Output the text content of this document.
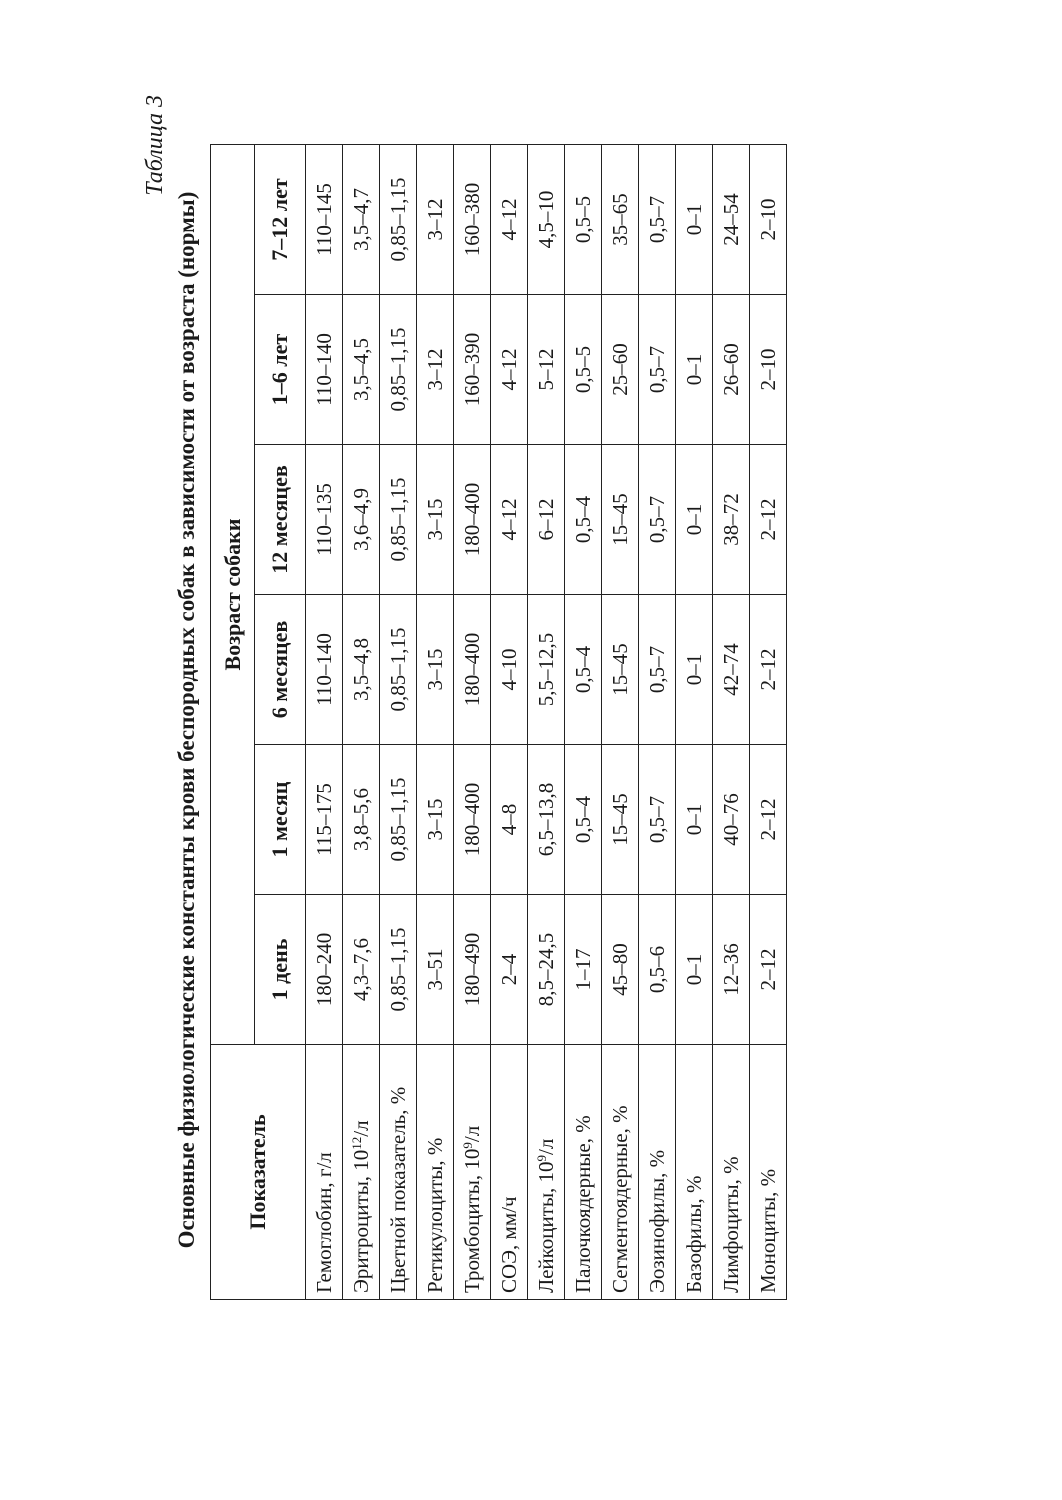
Таблица 3
Основные физиологические константы крови беспородных собак в зависимости от возраста (нормы) Показатель	Возраст собаки					
	1 день	1 месяц	6 месяцев	12 месяцев	1–6 лет	7–12 лет
Гемоглобин, г/л	180–240	115–175	110–140	110–135	110–140	110–145
Эритроциты, $10^{12}/л$	4,3–7,6	3,8–5,6	3,5–4,8	3,6–4,9	3,5–4,5	3,5–4,7
Цветной показатель, %	0,85–1,15	0,85–1,15	0,85–1,15	0,85–1,15	0,85–1,15	0,85–1,15
Ретикулоциты, %	3–51	3–15	3–15	3–15	3–12	3–12
Тромбоциты, $10^9/л$	180–490	180–400	180–400	180–400	160–390	160–380
СОЭ, мм/ч	2–4	4–8	4–10	4–12	4–12	4–12
Лейкоциты, $10^9/л$	8,5–24,5	6,5–13,8	5,5–12,5	6–12	5–12	4,5–10
Палочкоядерные, %	1–17	0,5–4	0,5–4	0,5–4	0,5–5	0,5–5
Сегментоядерные, %	45–80	15–45	15–45	15–45	25–60	35–65
Эозинофилы, %	0,5–6	0,5–7	0,5–7	0,5–7	0,5–7	0,5–7
Базофилы, %	0–1	0–1	0–1	0–1	0–1	0–1
Лимфоциты, %	12–36	40–76	42–74	38–72	26–60	24–54
Моноциты, %	2–12	2–12	2–12	2–12	2–10	2–10
